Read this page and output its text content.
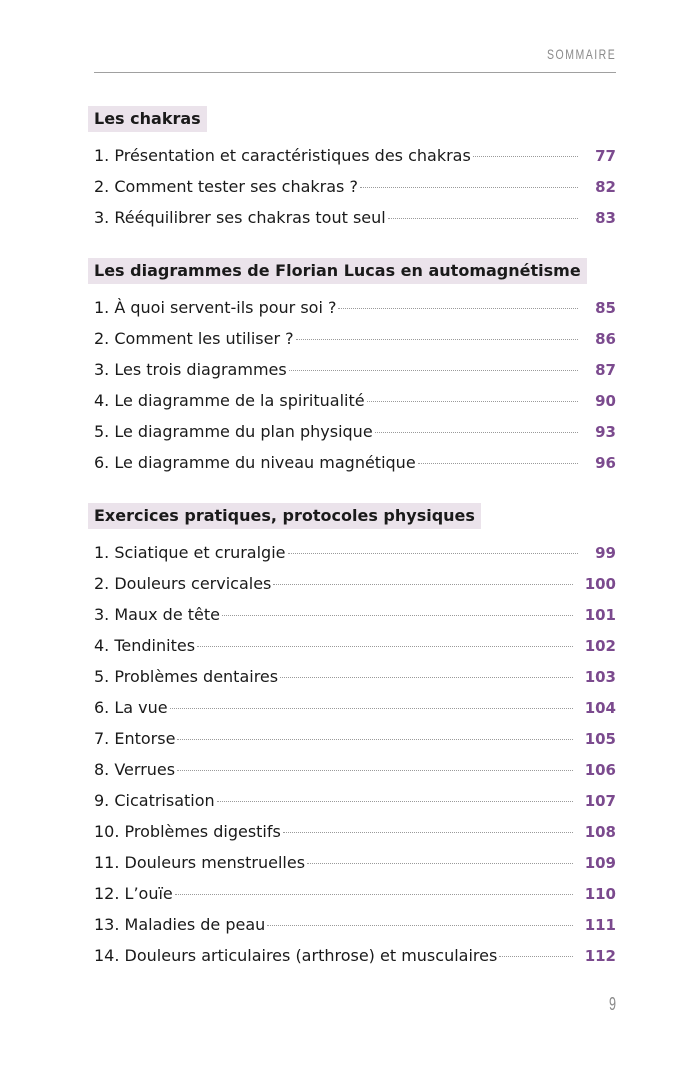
SOMMAIRE
Les chakras
1. Présentation et caractéristiques des chakras	77
2. Comment tester ses chakras ?	82
3. Rééquilibrer ses chakras tout seul	83
Les diagrammes de Florian Lucas en automagnétisme
1. À quoi servent-ils pour soi ?	85
2. Comment les utiliser ?	86
3. Les trois diagrammes	87
4. Le diagramme de la spiritualité	90
5. Le diagramme du plan physique	93
6. Le diagramme du niveau magnétique	96
Exercices pratiques, protocoles physiques
1. Sciatique et cruralgie	99
2. Douleurs cervicales	100
3. Maux de tête	101
4. Tendinites	102
5. Problèmes dentaires	103
6. La vue	104
7. Entorse	105
8. Verrues	106
9. Cicatrisation	107
10. Problèmes digestifs	108
11. Douleurs menstruelles	109
12. L’ouïe	110
13. Maladies de peau	111
14. Douleurs articulaires (arthrose) et musculaires	112
9
